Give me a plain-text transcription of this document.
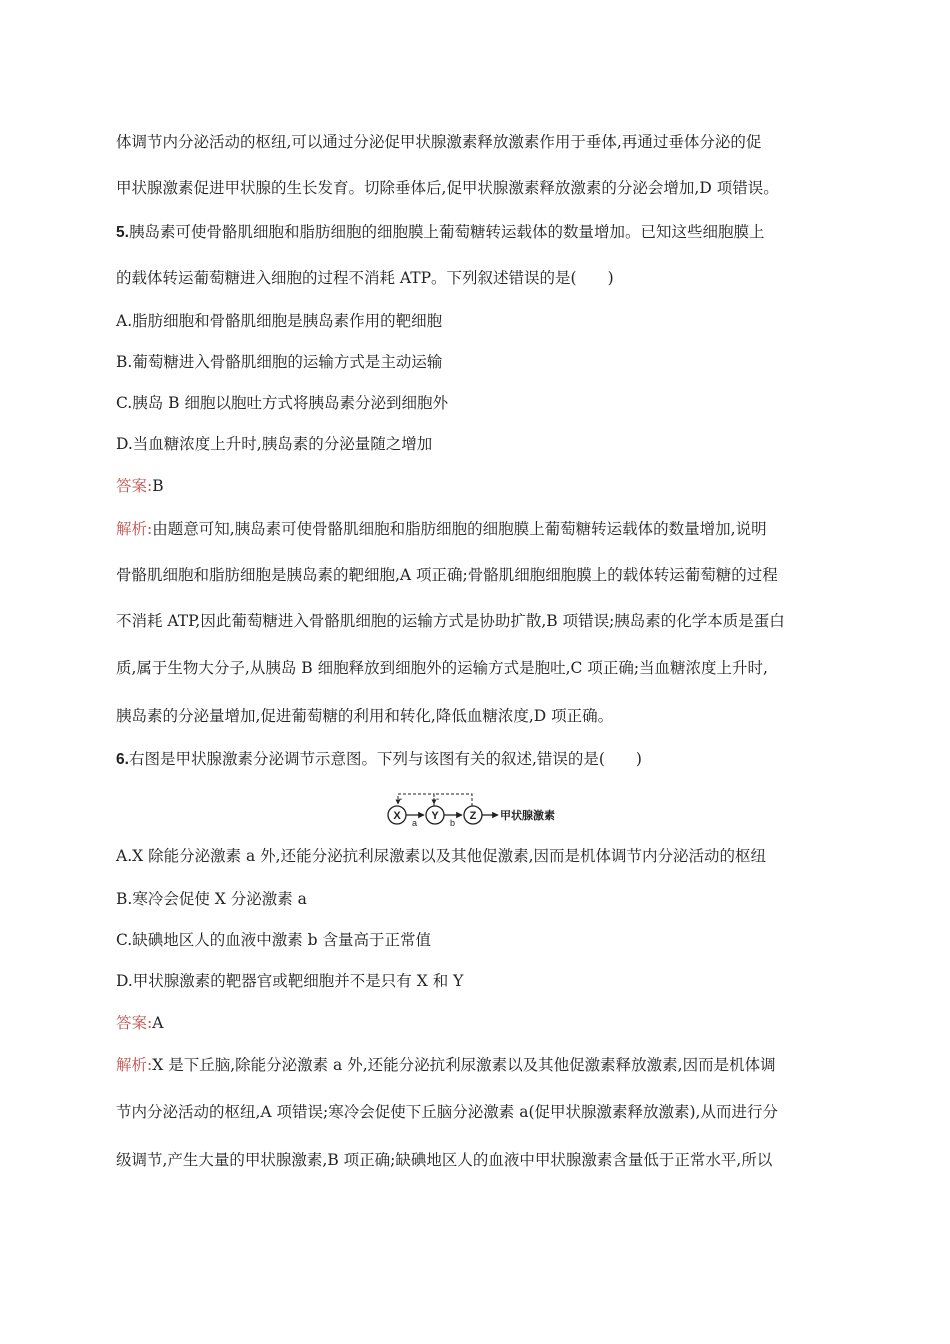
体调节内分泌活动的枢纽,可以通过分泌促甲状腺激素释放激素作用于垂体,再通过垂体分泌的促
甲状腺激素促进甲状腺的生长发育。切除垂体后,促甲状腺激素释放激素的分泌会增加,D 项错误。
5.胰岛素可使骨骼肌细胞和脂肪细胞的细胞膜上葡萄糖转运载体的数量增加。已知这些细胞膜上
的载体转运葡萄糖进入细胞的过程不消耗 ATP。下列叙述错误的是(　　)
A.脂肪细胞和骨骼肌细胞是胰岛素作用的靶细胞
B.葡萄糖进入骨骼肌细胞的运输方式是主动运输
C.胰岛 B 细胞以胞吐方式将胰岛素分泌到细胞外
D.当血糖浓度上升时,胰岛素的分泌量随之增加
答案:B
解析:由题意可知,胰岛素可使骨骼肌细胞和脂肪细胞的细胞膜上葡萄糖转运载体的数量增加,说明
骨骼肌细胞和脂肪细胞是胰岛素的靶细胞,A 项正确;骨骼肌细胞细胞膜上的载体转运葡萄糖的过程
不消耗 ATP,因此葡萄糖进入骨骼肌细胞的运输方式是协助扩散,B 项错误;胰岛素的化学本质是蛋白
质,属于生物大分子,从胰岛 B 细胞释放到细胞外的运输方式是胞吐,C 项正确;当血糖浓度上升时,
胰岛素的分泌量增加,促进葡萄糖的利用和转化,降低血糖浓度,D 项正确。
6.右图是甲状腺激素分泌调节示意图。下列与该图有关的叙述,错误的是(　　)
-	-
X	Y	Z
a	b
甲状腺激素
A.X 除能分泌激素 a 外,还能分泌抗利尿激素以及其他促激素,因而是机体调节内分泌活动的枢纽
B.寒冷会促使 X 分泌激素 a
C.缺碘地区人的血液中激素 b 含量高于正常值
D.甲状腺激素的靶器官或靶细胞并不是只有 X 和 Y
答案:A
解析:X 是下丘脑,除能分泌激素 a 外,还能分泌抗利尿激素以及其他促激素释放激素,因而是机体调
节内分泌活动的枢纽,A 项错误;寒冷会促使下丘脑分泌激素 a(促甲状腺激素释放激素),从而进行分
级调节,产生大量的甲状腺激素,B 项正确;缺碘地区人的血液中甲状腺激素含量低于正常水平,所以
